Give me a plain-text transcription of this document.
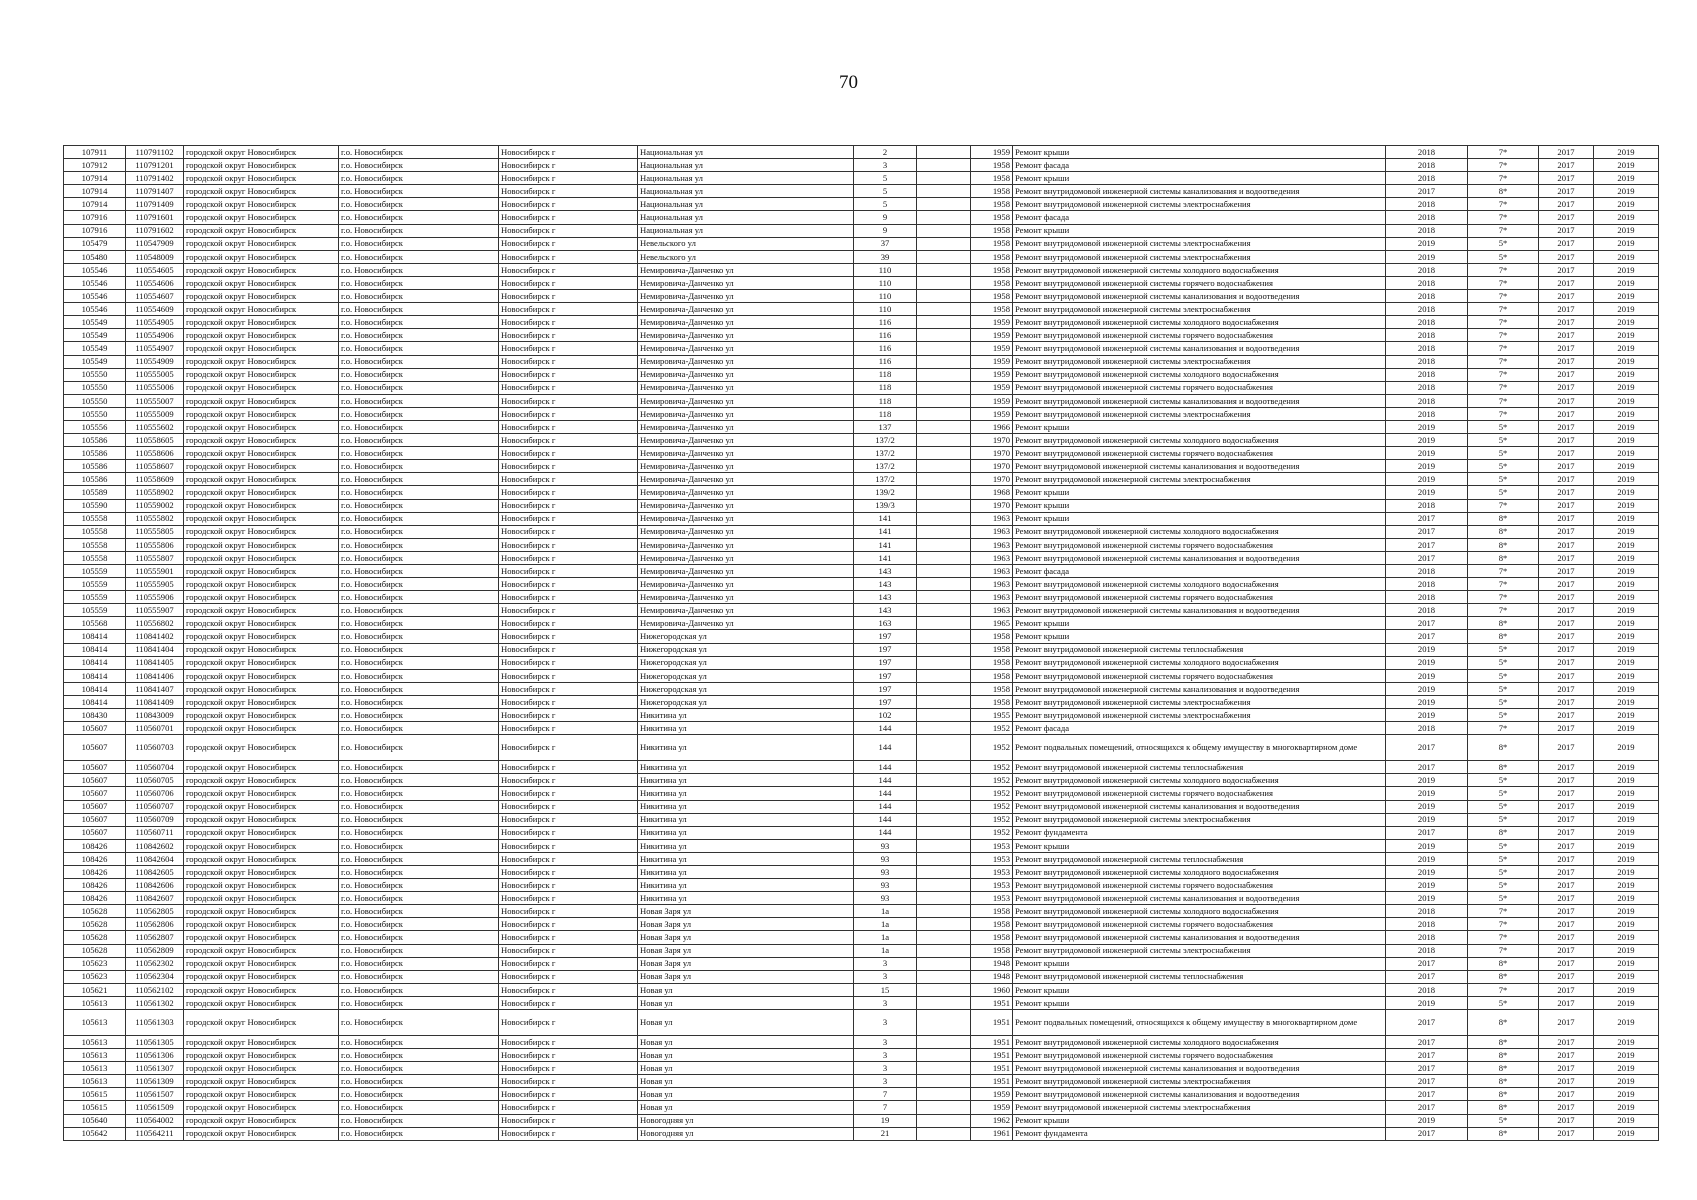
70
107911	110791102	городской округ Новосибирск	г.о. Новосибирск	Новосибирск г	Национальная ул	2		1959	Ремонт крыши	2018	7*	2017	2019
107912	110791201	городской округ Новосибирск	г.о. Новосибирск	Новосибирск г	Национальная ул	3		1958	Ремонт фасада	2018	7*	2017	2019
107914	110791402	городской округ Новосибирск	г.о. Новосибирск	Новосибирск г	Национальная ул	5		1958	Ремонт крыши	2018	7*	2017	2019
107914	110791407	городской округ Новосибирск	г.о. Новосибирск	Новосибирск г	Национальная ул	5		1958	Ремонт внутридомовой инженерной системы канализования и водоотведения	2017	8*	2017	2019
107914	110791409	городской округ Новосибирск	г.о. Новосибирск	Новосибирск г	Национальная ул	5		1958	Ремонт внутридомовой инженерной системы электроснабжения	2018	7*	2017	2019
107916	110791601	городской округ Новосибирск	г.о. Новосибирск	Новосибирск г	Национальная ул	9		1958	Ремонт фасада	2018	7*	2017	2019
107916	110791602	городской округ Новосибирск	г.о. Новосибирск	Новосибирск г	Национальная ул	9		1958	Ремонт крыши	2018	7*	2017	2019
105479	110547909	городской округ Новосибирск	г.о. Новосибирск	Новосибирск г	Невельского ул	37		1958	Ремонт внутридомовой инженерной системы электроснабжения	2019	5*	2017	2019
105480	110548009	городской округ Новосибирск	г.о. Новосибирск	Новосибирск г	Невельского ул	39		1958	Ремонт внутридомовой инженерной системы электроснабжения	2019	5*	2017	2019
105546	110554605	городской округ Новосибирск	г.о. Новосибирск	Новосибирск г	Немировича-Данченко ул	110		1958	Ремонт внутридомовой инженерной системы холодного водоснабжения	2018	7*	2017	2019
105546	110554606	городской округ Новосибирск	г.о. Новосибирск	Новосибирск г	Немировича-Данченко ул	110		1958	Ремонт внутридомовой инженерной системы горячего водоснабжения	2018	7*	2017	2019
105546	110554607	городской округ Новосибирск	г.о. Новосибирск	Новосибирск г	Немировича-Данченко ул	110		1958	Ремонт внутридомовой инженерной системы канализования и водоотведения	2018	7*	2017	2019
105546	110554609	городской округ Новосибирск	г.о. Новосибирск	Новосибирск г	Немировича-Данченко ул	110		1958	Ремонт внутридомовой инженерной системы электроснабжения	2018	7*	2017	2019
105549	110554905	городской округ Новосибирск	г.о. Новосибирск	Новосибирск г	Немировича-Данченко ул	116		1959	Ремонт внутридомовой инженерной системы холодного водоснабжения	2018	7*	2017	2019
105549	110554906	городской округ Новосибирск	г.о. Новосибирск	Новосибирск г	Немировича-Данченко ул	116		1959	Ремонт внутридомовой инженерной системы горячего водоснабжения	2018	7*	2017	2019
105549	110554907	городской округ Новосибирск	г.о. Новосибирск	Новосибирск г	Немировича-Данченко ул	116		1959	Ремонт внутридомовой инженерной системы канализования и водоотведения	2018	7*	2017	2019
105549	110554909	городской округ Новосибирск	г.о. Новосибирск	Новосибирск г	Немировича-Данченко ул	116		1959	Ремонт внутридомовой инженерной системы электроснабжения	2018	7*	2017	2019
105550	110555005	городской округ Новосибирск	г.о. Новосибирск	Новосибирск г	Немировича-Данченко ул	118		1959	Ремонт внутридомовой инженерной системы холодного водоснабжения	2018	7*	2017	2019
105550	110555006	городской округ Новосибирск	г.о. Новосибирск	Новосибирск г	Немировича-Данченко ул	118		1959	Ремонт внутридомовой инженерной системы горячего водоснабжения	2018	7*	2017	2019
105550	110555007	городской округ Новосибирск	г.о. Новосибирск	Новосибирск г	Немировича-Данченко ул	118		1959	Ремонт внутридомовой инженерной системы канализования и водоотведения	2018	7*	2017	2019
105550	110555009	городской округ Новосибирск	г.о. Новосибирск	Новосибирск г	Немировича-Данченко ул	118		1959	Ремонт внутридомовой инженерной системы электроснабжения	2018	7*	2017	2019
105556	110555602	городской округ Новосибирск	г.о. Новосибирск	Новосибирск г	Немировича-Данченко ул	137		1966	Ремонт крыши	2019	5*	2017	2019
105586	110558605	городской округ Новосибирск	г.о. Новосибирск	Новосибирск г	Немировича-Данченко ул	137/2		1970	Ремонт внутридомовой инженерной системы холодного водоснабжения	2019	5*	2017	2019
105586	110558606	городской округ Новосибирск	г.о. Новосибирск	Новосибирск г	Немировича-Данченко ул	137/2		1970	Ремонт внутридомовой инженерной системы горячего водоснабжения	2019	5*	2017	2019
105586	110558607	городской округ Новосибирск	г.о. Новосибирск	Новосибирск г	Немировича-Данченко ул	137/2		1970	Ремонт внутридомовой инженерной системы канализования и водоотведения	2019	5*	2017	2019
105586	110558609	городской округ Новосибирск	г.о. Новосибирск	Новосибирск г	Немировича-Данченко ул	137/2		1970	Ремонт внутридомовой инженерной системы электроснабжения	2019	5*	2017	2019
105589	110558902	городской округ Новосибирск	г.о. Новосибирск	Новосибирск г	Немировича-Данченко ул	139/2		1968	Ремонт крыши	2019	5*	2017	2019
105590	110559002	городской округ Новосибирск	г.о. Новосибирск	Новосибирск г	Немировича-Данченко ул	139/3		1970	Ремонт крыши	2018	7*	2017	2019
105558	110555802	городской округ Новосибирск	г.о. Новосибирск	Новосибирск г	Немировича-Данченко ул	141		1963	Ремонт крыши	2017	8*	2017	2019
105558	110555805	городской округ Новосибирск	г.о. Новосибирск	Новосибирск г	Немировича-Данченко ул	141		1963	Ремонт внутридомовой инженерной системы холодного водоснабжения	2017	8*	2017	2019
105558	110555806	городской округ Новосибирск	г.о. Новосибирск	Новосибирск г	Немировича-Данченко ул	141		1963	Ремонт внутридомовой инженерной системы горячего водоснабжения	2017	8*	2017	2019
105558	110555807	городской округ Новосибирск	г.о. Новосибирск	Новосибирск г	Немировича-Данченко ул	141		1963	Ремонт внутридомовой инженерной системы канализования и водоотведения	2017	8*	2017	2019
105559	110555901	городской округ Новосибирск	г.о. Новосибирск	Новосибирск г	Немировича-Данченко ул	143		1963	Ремонт фасада	2018	7*	2017	2019
105559	110555905	городской округ Новосибирск	г.о. Новосибирск	Новосибирск г	Немировича-Данченко ул	143		1963	Ремонт внутридомовой инженерной системы холодного водоснабжения	2018	7*	2017	2019
105559	110555906	городской округ Новосибирск	г.о. Новосибирск	Новосибирск г	Немировича-Данченко ул	143		1963	Ремонт внутридомовой инженерной системы горячего водоснабжения	2018	7*	2017	2019
105559	110555907	городской округ Новосибирск	г.о. Новосибирск	Новосибирск г	Немировича-Данченко ул	143		1963	Ремонт внутридомовой инженерной системы канализования и водоотведения	2018	7*	2017	2019
105568	110556802	городской округ Новосибирск	г.о. Новосибирск	Новосибирск г	Немировича-Данченко ул	163		1965	Ремонт крыши	2017	8*	2017	2019
108414	110841402	городской округ Новосибирск	г.о. Новосибирск	Новосибирск г	Нижегородская ул	197		1958	Ремонт крыши	2017	8*	2017	2019
108414	110841404	городской округ Новосибирск	г.о. Новосибирск	Новосибирск г	Нижегородская ул	197		1958	Ремонт внутридомовой инженерной системы теплоснабжения	2019	5*	2017	2019
108414	110841405	городской округ Новосибирск	г.о. Новосибирск	Новосибирск г	Нижегородская ул	197		1958	Ремонт внутридомовой инженерной системы холодного водоснабжения	2019	5*	2017	2019
108414	110841406	городской округ Новосибирск	г.о. Новосибирск	Новосибирск г	Нижегородская ул	197		1958	Ремонт внутридомовой инженерной системы горячего водоснабжения	2019	5*	2017	2019
108414	110841407	городской округ Новосибирск	г.о. Новосибирск	Новосибирск г	Нижегородская ул	197		1958	Ремонт внутридомовой инженерной системы канализования и водоотведения	2019	5*	2017	2019
108414	110841409	городской округ Новосибирск	г.о. Новосибирск	Новосибирск г	Нижегородская ул	197		1958	Ремонт внутридомовой инженерной системы электроснабжения	2019	5*	2017	2019
108430	110843009	городской округ Новосибирск	г.о. Новосибирск	Новосибирск г	Никитина ул	102		1955	Ремонт внутридомовой инженерной системы электроснабжения	2019	5*	2017	2019
105607	110560701	городской округ Новосибирск	г.о. Новосибирск	Новосибирск г	Никитина ул	144		1952	Ремонт фасада	2018	7*	2017	2019
105607	110560703	городской округ Новосибирск	г.о. Новосибирск	Новосибирск г	Никитина ул	144		1952	Ремонт подвальных помещений, относящихся к общему имуществу в многоквартирном доме	2017	8*	2017	2019
105607	110560704	городской округ Новосибирск	г.о. Новосибирск	Новосибирск г	Никитина ул	144		1952	Ремонт внутридомовой инженерной системы теплоснабжения	2017	8*	2017	2019
105607	110560705	городской округ Новосибирск	г.о. Новосибирск	Новосибирск г	Никитина ул	144		1952	Ремонт внутридомовой инженерной системы холодного водоснабжения	2019	5*	2017	2019
105607	110560706	городской округ Новосибирск	г.о. Новосибирск	Новосибирск г	Никитина ул	144		1952	Ремонт внутридомовой инженерной системы горячего водоснабжения	2019	5*	2017	2019
105607	110560707	городской округ Новосибирск	г.о. Новосибирск	Новосибирск г	Никитина ул	144		1952	Ремонт внутридомовой инженерной системы канализования и водоотведения	2019	5*	2017	2019
105607	110560709	городской округ Новосибирск	г.о. Новосибирск	Новосибирск г	Никитина ул	144		1952	Ремонт внутридомовой инженерной системы электроснабжения	2019	5*	2017	2019
105607	110560711	городской округ Новосибирск	г.о. Новосибирск	Новосибирск г	Никитина ул	144		1952	Ремонт фундамента	2017	8*	2017	2019
108426	110842602	городской округ Новосибирск	г.о. Новосибирск	Новосибирск г	Никитина ул	93		1953	Ремонт крыши	2019	5*	2017	2019
108426	110842604	городской округ Новосибирск	г.о. Новосибирск	Новосибирск г	Никитина ул	93		1953	Ремонт внутридомовой инженерной системы теплоснабжения	2019	5*	2017	2019
108426	110842605	городской округ Новосибирск	г.о. Новосибирск	Новосибирск г	Никитина ул	93		1953	Ремонт внутридомовой инженерной системы холодного водоснабжения	2019	5*	2017	2019
108426	110842606	городской округ Новосибирск	г.о. Новосибирск	Новосибирск г	Никитина ул	93		1953	Ремонт внутридомовой инженерной системы горячего водоснабжения	2019	5*	2017	2019
108426	110842607	городской округ Новосибирск	г.о. Новосибирск	Новосибирск г	Никитина ул	93		1953	Ремонт внутридомовой инженерной системы канализования и водоотведения	2019	5*	2017	2019
105628	110562805	городской округ Новосибирск	г.о. Новосибирск	Новосибирск г	Новая Заря ул	1а		1958	Ремонт внутридомовой инженерной системы холодного водоснабжения	2018	7*	2017	2019
105628	110562806	городской округ Новосибирск	г.о. Новосибирск	Новосибирск г	Новая Заря ул	1а		1958	Ремонт внутридомовой инженерной системы горячего водоснабжения	2018	7*	2017	2019
105628	110562807	городской округ Новосибирск	г.о. Новосибирск	Новосибирск г	Новая Заря ул	1а		1958	Ремонт внутридомовой инженерной системы канализования и водоотведения	2018	7*	2017	2019
105628	110562809	городской округ Новосибирск	г.о. Новосибирск	Новосибирск г	Новая Заря ул	1а		1958	Ремонт внутридомовой инженерной системы электроснабжения	2018	7*	2017	2019
105623	110562302	городской округ Новосибирск	г.о. Новосибирск	Новосибирск г	Новая Заря ул	3		1948	Ремонт крыши	2017	8*	2017	2019
105623	110562304	городской округ Новосибирск	г.о. Новосибирск	Новосибирск г	Новая Заря ул	3		1948	Ремонт внутридомовой инженерной системы теплоснабжения	2017	8*	2017	2019
105621	110562102	городской округ Новосибирск	г.о. Новосибирск	Новосибирск г	Новая ул	15		1960	Ремонт крыши	2018	7*	2017	2019
105613	110561302	городской округ Новосибирск	г.о. Новосибирск	Новосибирск г	Новая ул	3		1951	Ремонт крыши	2019	5*	2017	2019
105613	110561303	городской округ Новосибирск	г.о. Новосибирск	Новосибирск г	Новая ул	3		1951	Ремонт подвальных помещений, относящихся к общему имуществу в многоквартирном доме	2017	8*	2017	2019
105613	110561305	городской округ Новосибирск	г.о. Новосибирск	Новосибирск г	Новая ул	3		1951	Ремонт внутридомовой инженерной системы холодного водоснабжения	2017	8*	2017	2019
105613	110561306	городской округ Новосибирск	г.о. Новосибирск	Новосибирск г	Новая ул	3		1951	Ремонт внутридомовой инженерной системы горячего водоснабжения	2017	8*	2017	2019
105613	110561307	городской округ Новосибирск	г.о. Новосибирск	Новосибирск г	Новая ул	3		1951	Ремонт внутридомовой инженерной системы канализования и водоотведения	2017	8*	2017	2019
105613	110561309	городской округ Новосибирск	г.о. Новосибирск	Новосибирск г	Новая ул	3		1951	Ремонт внутридомовой инженерной системы электроснабжения	2017	8*	2017	2019
105615	110561507	городской округ Новосибирск	г.о. Новосибирск	Новосибирск г	Новая ул	7		1959	Ремонт внутридомовой инженерной системы канализования и водоотведения	2017	8*	2017	2019
105615	110561509	городской округ Новосибирск	г.о. Новосибирск	Новосибирск г	Новая ул	7		1959	Ремонт внутридомовой инженерной системы электроснабжения	2017	8*	2017	2019
105640	110564002	городской округ Новосибирск	г.о. Новосибирск	Новосибирск г	Новогодняя ул	19		1962	Ремонт крыши	2019	5*	2017	2019
105642	110564211	городской округ Новосибирск	г.о. Новосибирск	Новосибирск г	Новогодняя ул	21		1961	Ремонт фундамента	2017	8*	2017	2019
